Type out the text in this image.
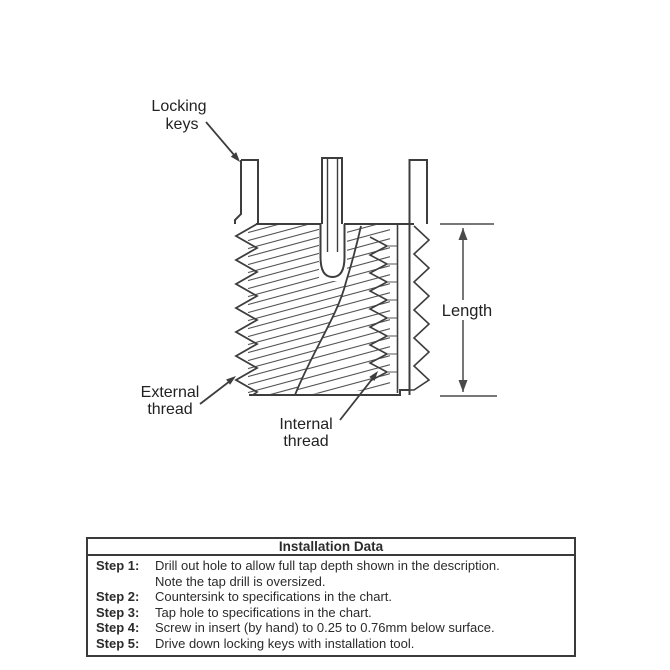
Length
Locking
keys
External
thread
Internal
thread
Installation Data
Step 1:	Drill out hole to allow full tap depth shown in the description.
Note the tap drill is oversized.
Step 2:	Countersink to specifications in the chart.
Step 3:	Tap hole to specifications in the chart.
Step 4:	Screw in insert (by hand) to 0.25 to 0.76mm below surface.
Step 5:	Drive down locking keys with installation tool.
